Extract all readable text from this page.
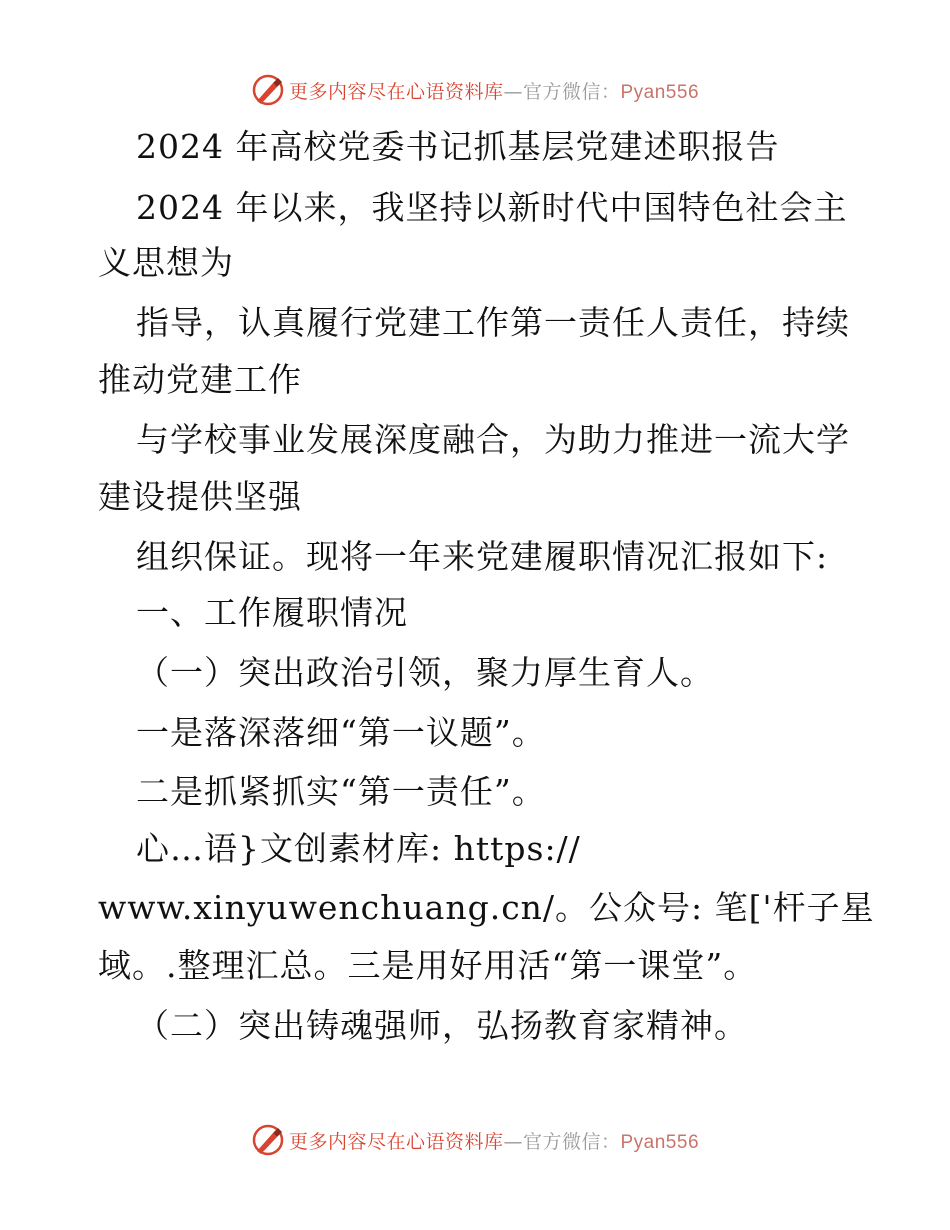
更多内容尽在心语资料库—官方微信：Pyan556
2024 年高校党委书记抓基层党建述职报告
2024 年以来，我坚持以新时代中国特色社会主
义思想为
指导，认真履行党建工作第一责任人责任，持续
推动党建工作
与学校事业发展深度融合，为助力推进一流大学
建设提供坚强
组织保证。现将一年来党建履职情况汇报如下:
一、工作履职情况
（一）突出政治引领，聚力厚生育人。
一是落深落细“第一议题”。
二是抓紧抓实“第一责任”。
心…语}文创素材库: https://
www.xinyuwenchuang.cn/。公众号: 笔['杆子星
域。.整理汇总。三是用好用活“第一课堂”。
（二）突出铸魂强师，弘扬教育家精神。
更多内容尽在心语资料库—官方微信：Pyan556
